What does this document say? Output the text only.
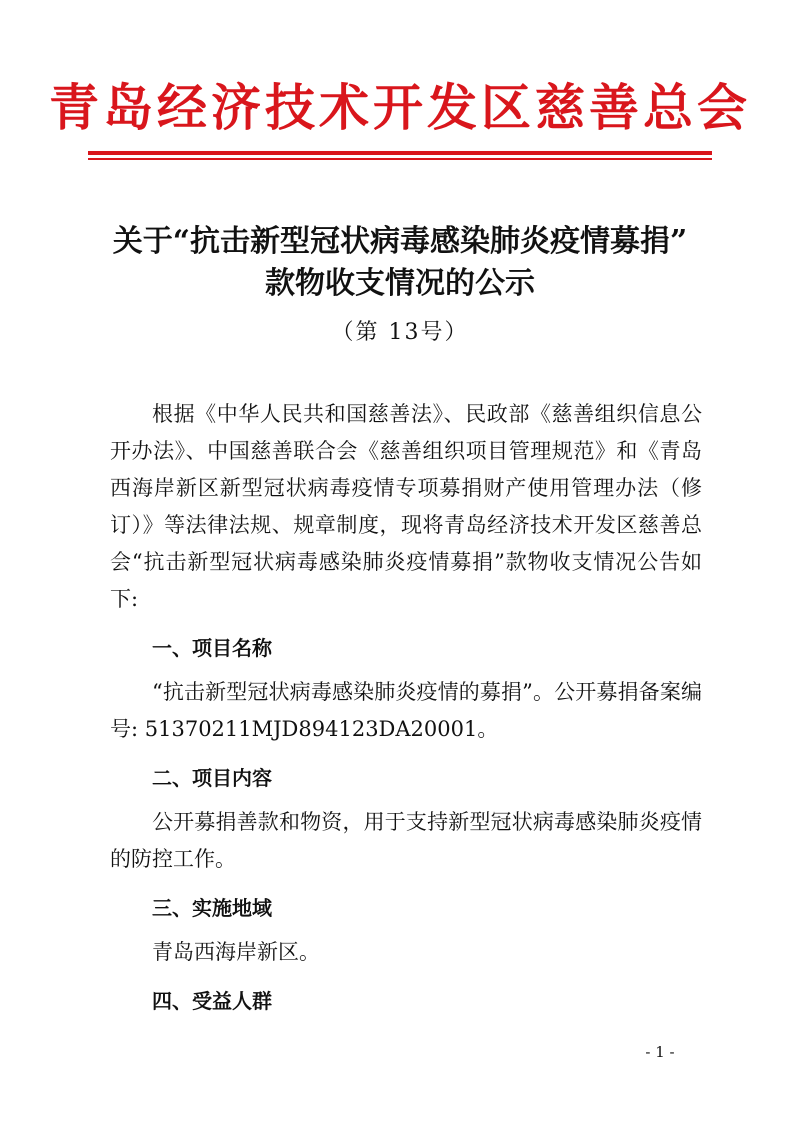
青岛经济技术开发区慈善总会
关于“抗击新型冠状病毒感染肺炎疫情募捐”
款物收支情况的公示
（第 13号）

根据《中华人民共和国慈善法》、民政部《慈善组织信息公开办法》、中国慈善联合会《慈善组织项目管理规范》和《青岛西海岸新区新型冠状病毒疫情专项募捐财产使用管理办法（修订）》等法律法规、规章制度，现将青岛经济技术开发区慈善总会“抗击新型冠状病毒感染肺炎疫情募捐”款物收支情况公告如下:

一、项目名称

“抗击新型冠状病毒感染肺炎疫情的募捐”。公开募捐备案编号: 51370211MJD894123DA20001。

二、项目内容

公开募捐善款和物资，用于支持新型冠状病毒感染肺炎疫情的防控工作。

三、实施地域

青岛西海岸新区。

四、受益人群
- 1 -
